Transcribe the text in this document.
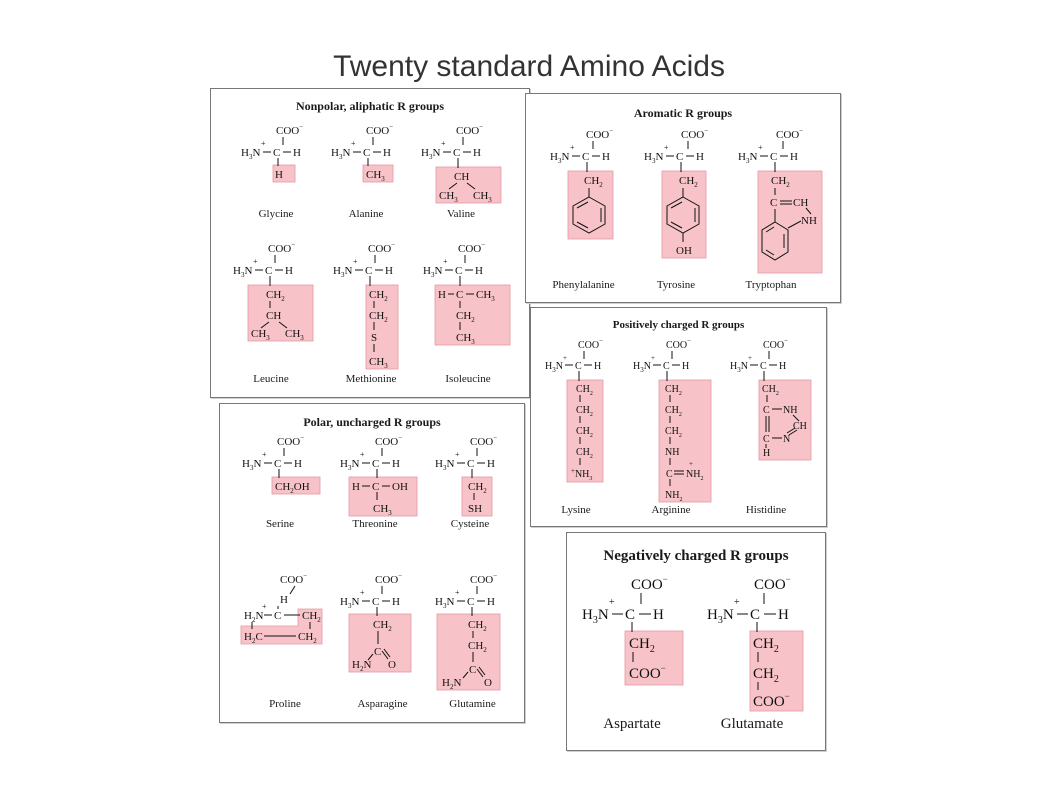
Twenty standard Amino Acids

Nonpolar, aliphatic R groups

COO−
$H_3N$
+
C H
H
COO−
$H_3N$
+
C H
$CH_3$
COO−
$H_3N$
+
C H
CH
$CH_3$ $CH_3$
COO−
$H_3N$
+
C H
$CH_2$
CH
$CH_3$ $CH_3$
COO−
$H_3N$
+
C H
$CH_2$
$CH_2$
S
$CH_3$
COO−
$H_3N$
+
C H
H C $CH_3$
$CH_2$
$CH_3$
Glycine	Alanine	Valine
Leucine	Methionine	Isoleucine

Aromatic R groups

COO−
$H_3N$
+
C H
$CH_2$
COO−
$H_3N$
+
C H
$CH_2$
OH
COO−
$H_3N$
+
C H
$CH_2$
C CH
NH
Phenylalanine	Tyrosine	Tryptophan

Positively charged R groups

COO−
$H_3N$
+
C H
$CH_2$
$CH_2$
$CH_2$
$CH_2$
$^+NH_3$
COO−
$H_3N$
+
C H
$CH_2$
$CH_2$
$CH_2$
NH
C $NH_2$
+
$NH_2$
COO−
$H_3N$
+
C H
$CH_2$
C NH
CH
C N
H
Lysine	Arginine	Histidine

Polar, uncharged R groups

COO−
$H_3N$
+
C H
$CH_2OH$
COO−
$H_3N$
+
C H
H C OH
$CH_3$
COO−
$H_3N$
+
C H
$CH_2$
SH
COO−
H
$H_2N$
+
C $CH_2$
$H_2C$	$CH_2$
COO−
$H_3N$
+
C H
$CH_2$
C
O
$H_2N$
COO−
$H_3N$
+
C H
$CH_2$
$CH_2$
C
O
$H_2N$
Serine	Threonine	Cysteine
Proline	Asparagine	Glutamine

Negatively charged R groups

COO−
$H_3N$
+
C H
$CH_2$
COO−
COO−
$H_3N$
+
C H
$CH_2$
$CH_2$
COO−
Aspartate	Glutamate
